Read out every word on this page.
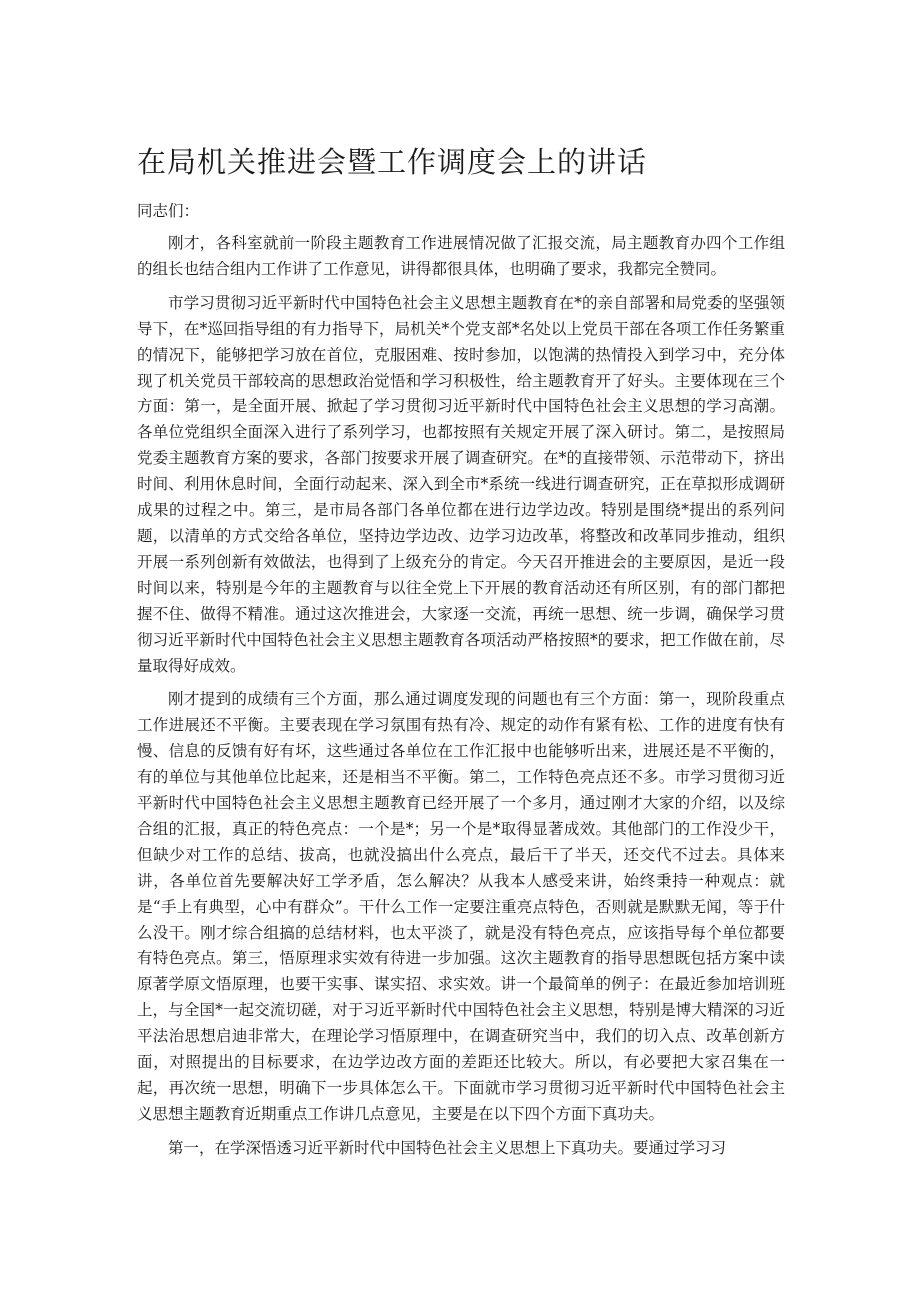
在局机关推进会暨工作调度会上的讲话

同志们：

刚才，各科室就前一阶段主题教育工作进展情况做了汇报交流，局主题教育办四个工作组的组长也结合组内工作讲了工作意见，讲得都很具体，也明确了要求，我都完全赞同。

市学习贯彻习近平新时代中国特色社会主义思想主题教育在*的亲自部署和局党委的坚强领导下，在*巡回指导组的有力指导下，局机关*个党支部*名处以上党员干部在各项工作任务繁重的情况下，能够把学习放在首位，克服困难、按时参加，以饱满的热情投入到学习中，充分体现了机关党员干部较高的思想政治觉悟和学习积极性，给主题教育开了好头。主要体现在三个方面：第一，是全面开展、掀起了学习贯彻习近平新时代中国特色社会主义思想的学习高潮。各单位党组织全面深入进行了系列学习，也都按照有关规定开展了深入研讨。第二，是按照局党委主题教育方案的要求，各部门按要求开展了调查研究。在*的直接带领、示范带动下，挤出时间、利用休息时间，全面行动起来、深入到全市*系统一线进行调查研究，正在草拟形成调研成果的过程之中。第三，是市局各部门各单位都在进行边学边改。特别是围绕*提出的系列问题，以清单的方式交给各单位，坚持边学边改、边学习边改革，将整改和改革同步推动，组织开展一系列创新有效做法，也得到了上级充分的肯定。今天召开推进会的主要原因，是近一段时间以来，特别是今年的主题教育与以往全党上下开展的教育活动还有所区别，有的部门都把握不住、做得不精准。通过这次推进会，大家逐一交流，再统一思想、统一步调，确保学习贯彻习近平新时代中国特色社会主义思想主题教育各项活动严格按照*的要求，把工作做在前，尽量取得好成效。

刚才提到的成绩有三个方面，那么通过调度发现的问题也有三个方面：第一，现阶段重点工作进展还不平衡。主要表现在学习氛围有热有冷、规定的动作有紧有松、工作的进度有快有慢、信息的反馈有好有坏，这些通过各单位在工作汇报中也能够听出来，进展还是不平衡的，有的单位与其他单位比起来，还是相当不平衡。第二，工作特色亮点还不多。市学习贯彻习近平新时代中国特色社会主义思想主题教育已经开展了一个多月，通过刚才大家的介绍，以及综合组的汇报，真正的特色亮点：一个是*；另一个是*取得显著成效。其他部门的工作没少干，但缺少对工作的总结、拔高，也就没搞出什么亮点，最后干了半天，还交代不过去。具体来讲，各单位首先要解决好工学矛盾，怎么解决？从我本人感受来讲，始终秉持一种观点：就是“手上有典型，心中有群众”。干什么工作一定要注重亮点特色，否则就是默默无闻，等于什么没干。刚才综合组搞的总结材料，也太平淡了，就是没有特色亮点，应该指导每个单位都要有特色亮点。第三，悟原理求实效有待进一步加强。这次主题教育的指导思想既包括方案中读原著学原文悟原理，也要干实事、谋实招、求实效。讲一个最简单的例子：在最近参加培训班上，与全国*一起交流切磋，对于习近平新时代中国特色社会主义思想，特别是博大精深的习近平法治思想启迪非常大，在理论学习悟原理中，在调查研究当中，我们的切入点、改革创新方面，对照提出的目标要求，在边学边改方面的差距还比较大。所以，有必要把大家召集在一起，再次统一思想，明确下一步具体怎么干。下面就市学习贯彻习近平新时代中国特色社会主义思想主题教育近期重点工作讲几点意见，主要是在以下四个方面下真功夫。

第一，在学深悟透习近平新时代中国特色社会主义思想上下真功夫。要通过学习习
